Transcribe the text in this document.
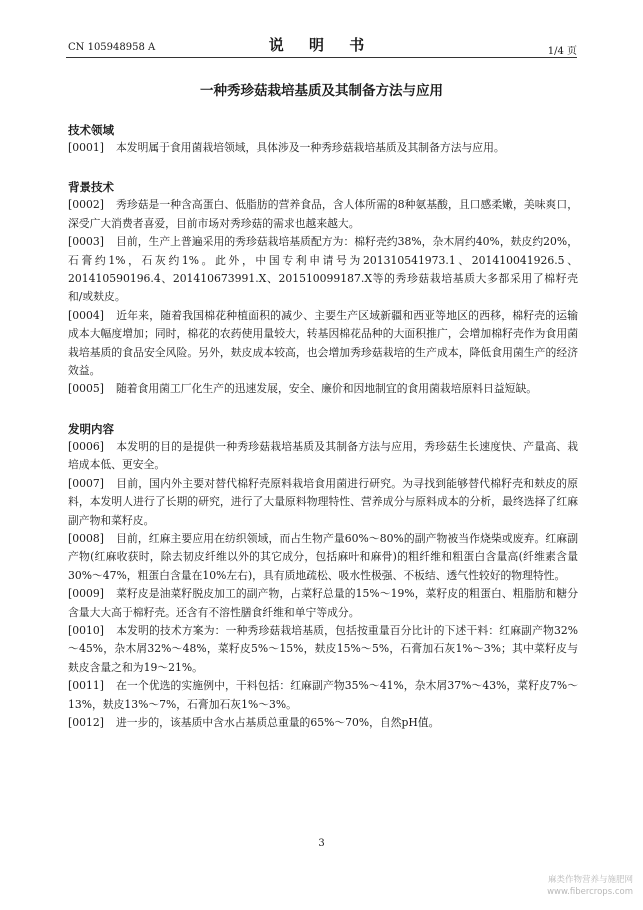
CN 105948958 A	说 明 书	1/4 页
一种秀珍菇栽培基质及其制备方法与应用
技术领域
[0001] 本发明属于食用菌栽培领域，具体涉及一种秀珍菇栽培基质及其制备方法与应用。
背景技术
[0002] 秀珍菇是一种含高蛋白、低脂肪的营养食品，含人体所需的8种氨基酸，且口感柔嫩，美味爽口，深受广大消费者喜爱，目前市场对秀珍菇的需求也越来越大。
[0003] 目前，生产上普遍采用的秀珍菇栽培基质配方为：棉籽壳约38%，杂木屑约40%，麸皮约20%，石膏约1%，石灰约1%。此外，中国专利申请号为201310541973.1、201410041926.5、201410590196.4、201410673991.X、201510099187.X等的秀珍菇栽培基质大多都采用了棉籽壳和/或麸皮。
[0004] 近年来，随着我国棉花种植面积的减少、主要生产区域新疆和西亚等地区的西移，棉籽壳的运输成本大幅度增加；同时，棉花的农药使用量较大，转基因棉花品种的大面积推广，会增加棉籽壳作为食用菌栽培基质的食品安全风险。另外，麸皮成本较高，也会增加秀珍菇栽培的生产成本，降低食用菌生产的经济效益。
[0005] 随着食用菌工厂化生产的迅速发展，安全、廉价和因地制宜的食用菌栽培原料日益短缺。
发明内容
[0006] 本发明的目的是提供一种秀珍菇栽培基质及其制备方法与应用，秀珍菇生长速度快、产量高、栽培成本低、更安全。
[0007] 目前，国内外主要对替代棉籽壳原料栽培食用菌进行研究。为寻找到能够替代棉籽壳和麸皮的原料，本发明人进行了长期的研究，进行了大量原料物理特性、营养成分与原料成本的分析，最终选择了红麻副产物和菜籽皮。
[0008] 目前，红麻主要应用在纺织领域，而占生物产量60%～80%的副产物被当作烧柴或废弃。红麻副产物(红麻收获时，除去韧皮纤维以外的其它成分，包括麻叶和麻骨)的粗纤维和粗蛋白含量高(纤维素含量30%～47%，粗蛋白含量在10%左右)，具有质地疏松、吸水性极强、不板结、透气性较好的物理特性。
[0009] 菜籽皮是油菜籽脱皮加工的副产物，占菜籽总量的15%～19%，菜籽皮的粗蛋白、粗脂肪和糖分含量大大高于棉籽壳。还含有不溶性膳食纤维和单宁等成分。
[0010] 本发明的技术方案为：一种秀珍菇栽培基质，包括按重量百分比计的下述干料：红麻副产物32%～45%，杂木屑32%～48%，菜籽皮5%～15%，麸皮15%～5%，石膏加石灰1%～3%；其中菜籽皮与麸皮含量之和为19～21%。
[0011] 在一个优选的实施例中，干料包括：红麻副产物35%～41%，杂木屑37%～43%，菜籽皮7%～13%，麸皮13%～7%，石膏加石灰1%～3%。
[0012] 进一步的，该基质中含水占基质总重量的65%～70%，自然pH值。
3
麻类作物营养与施肥网
www.fibercrops.com
